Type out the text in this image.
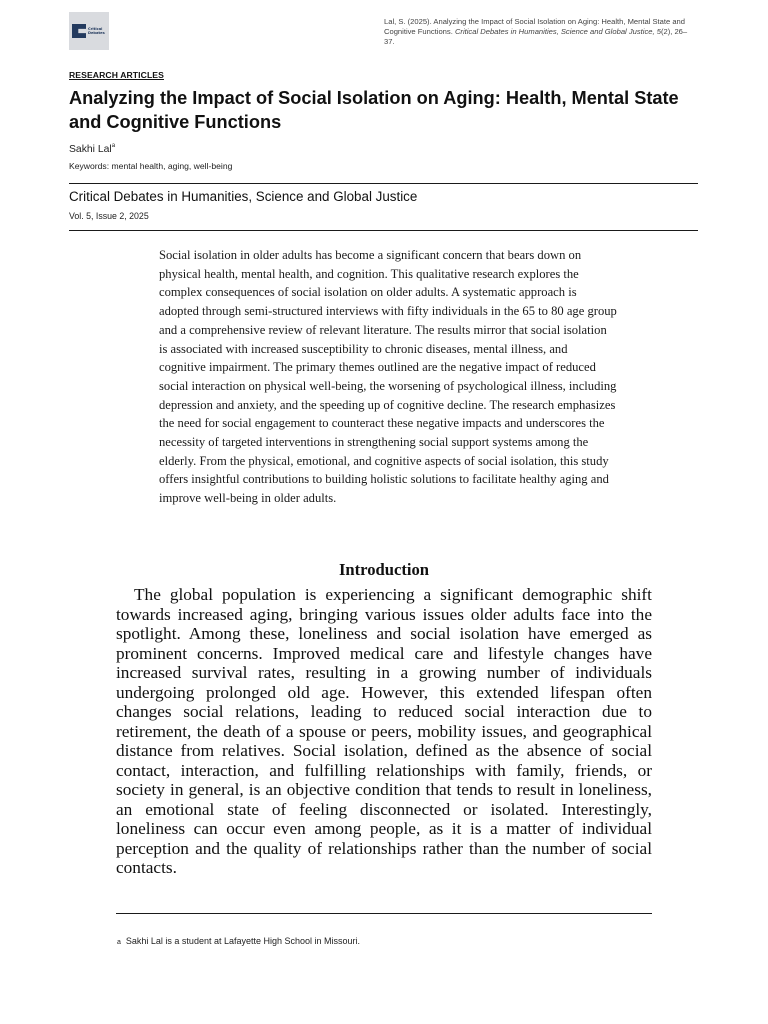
Critical
Debates
Lal, S. (2025). Analyzing the Impact of Social Isolation on Aging: Health, Mental State and Cognitive Functions. Critical Debates in Humanities, Science and Global Justice, 5(2), 26–37.
RESEARCH ARTICLES
Analyzing the Impact of Social Isolation on Aging: Health, Mental State and Cognitive Functions
Sakhi Lal$^a$
Keywords: mental health, aging, well-being
Critical Debates in Humanities, Science and Global Justice
Vol. 5, Issue 2, 2025

Social isolation in older adults has become a significant concern that bears down on physical health, mental health, and cognition. This qualitative research explores the complex consequences of social isolation on older adults. A systematic approach is adopted through semi-structured interviews with fifty individuals in the 65 to 80 age group and a comprehensive review of relevant literature. The results mirror that social isolation is associated with increased susceptibility to chronic diseases, mental illness, and cognitive impairment. The primary themes outlined are the negative impact of reduced social interaction on physical well-being, the worsening of psychological illness, including depression and anxiety, and the speeding up of cognitive decline. The research emphasizes the need for social engagement to counteract these negative impacts and underscores the necessity of targeted interventions in strengthening social support systems among the elderly. From the physical, emotional, and cognitive aspects of social isolation, this study offers insightful contributions to building holistic solutions to facilitate healthy aging and improve well-being in older adults.

Introduction

The global population is experiencing a significant demographic shift towards increased aging, bringing various issues older adults face into the spotlight. Among these, loneliness and social isolation have emerged as prominent concerns. Improved medical care and lifestyle changes have increased survival rates, resulting in a growing number of individuals undergoing prolonged old age. However, this extended lifespan often changes social relations, leading to reduced social interaction due to retirement, the death of a spouse or peers, mobility issues, and geographical distance from relatives. Social isolation, defined as the absence of social contact, interaction, and fulfilling relationships with family, friends, or society in general, is an objective condition that tends to result in loneliness, an emotional state of feeling disconnected or isolated. Interestingly, loneliness can occur even among people, as it is a matter of individual perception and the quality of relationships rather than the number of social contacts.

a Sakhi Lal is a student at Lafayette High School in Missouri.
